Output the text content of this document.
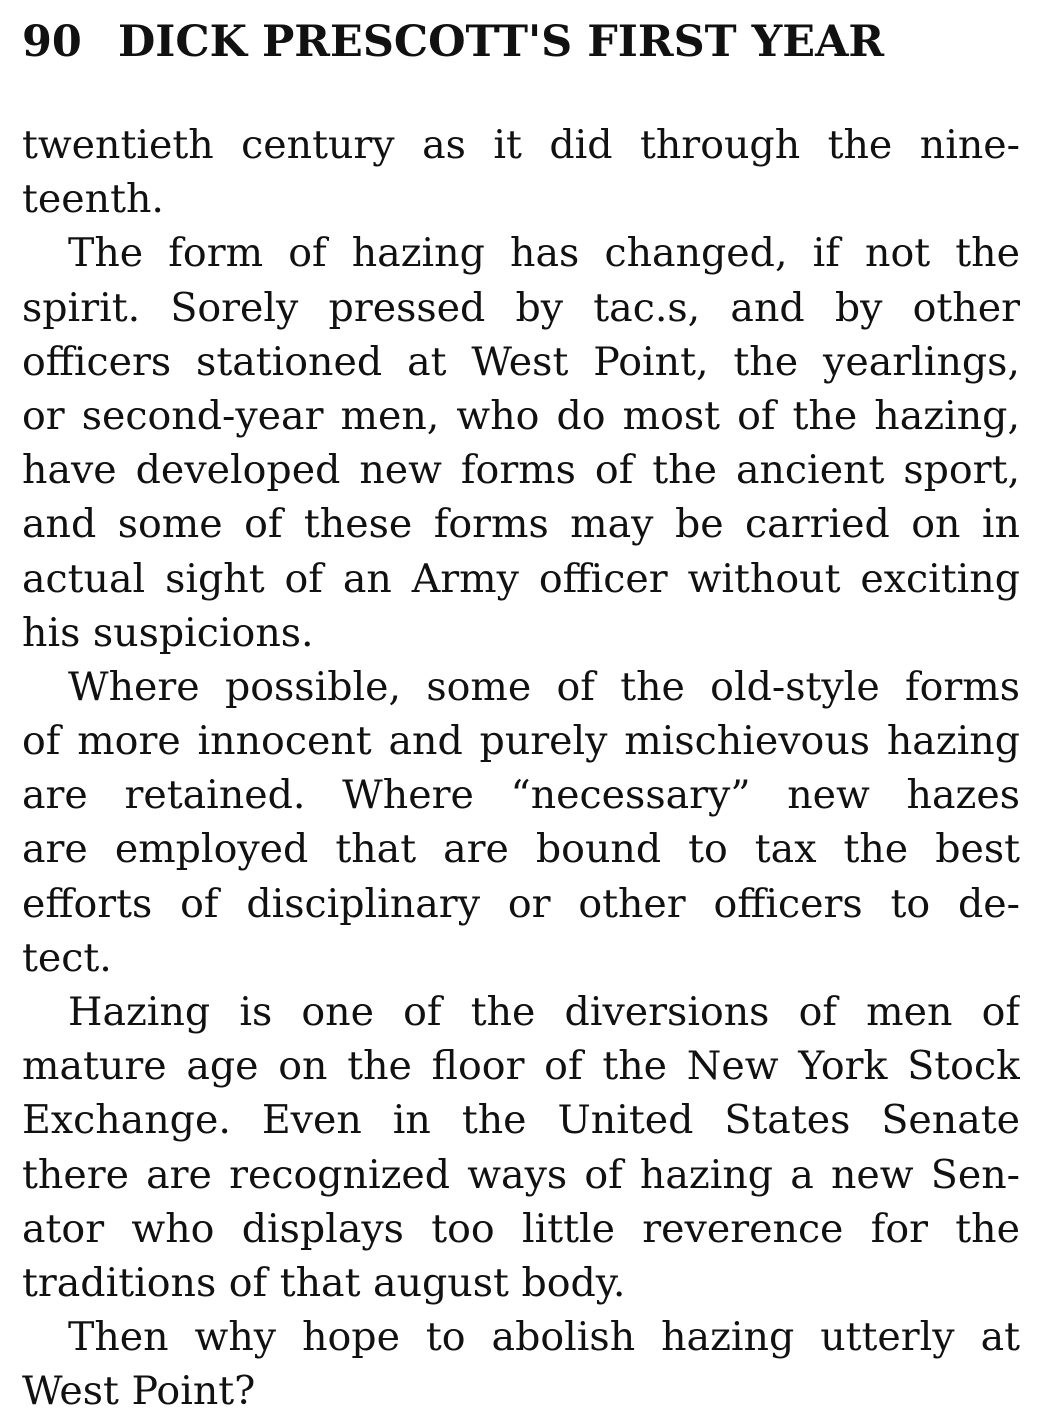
90 DICK PRESCOTT'S FIRST YEAR
twentieth century as it did through the nine-
teenth.
The form of hazing has changed, if not the
spirit. Sorely pressed by tac.s, and by other
officers stationed at West Point, the yearlings,
or second-year men, who do most of the hazing,
have developed new forms of the ancient sport,
and some of these forms may be carried on in
actual sight of an Army officer without exciting
his suspicions.
Where possible, some of the old-style forms
of more innocent and purely mischievous hazing
are retained. Where “necessary” new hazes
are employed that are bound to tax the best
efforts of disciplinary or other officers to de-
tect.
Hazing is one of the diversions of men of
mature age on the floor of the New York Stock
Exchange. Even in the United States Senate
there are recognized ways of hazing a new Sen-
ator who displays too little reverence for the
traditions of that august body.
Then why hope to abolish hazing utterly at
West Point?
